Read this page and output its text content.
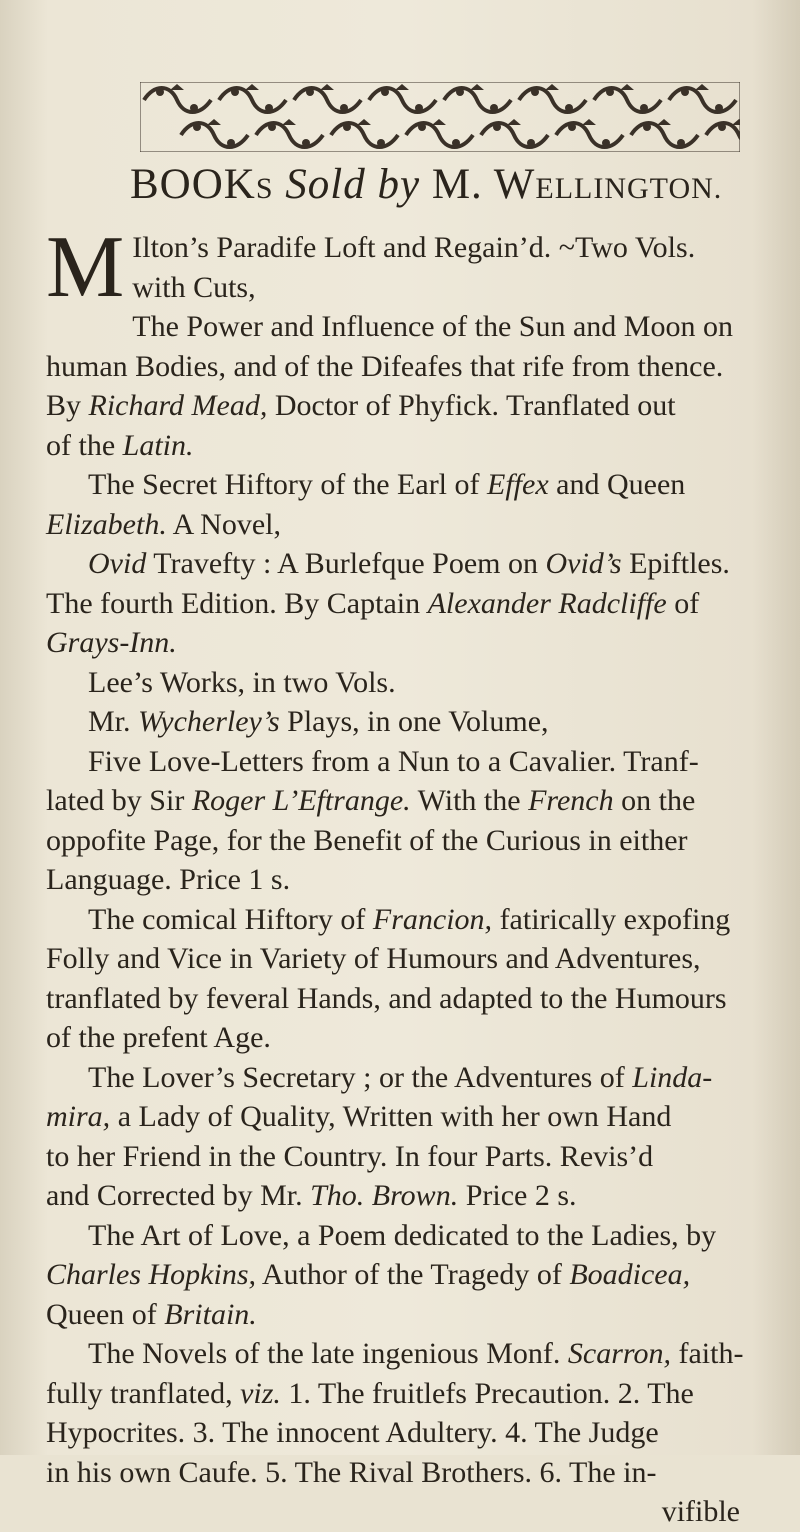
BOOKS Sold by M. WELLINGTON.
M Ilton’s Paradife Loft and Regain’d. ~Two Vols.
with Cuts,
The Power and Influence of the Sun and Moon on
human Bodies, and of the Difeafes that rife from thence.
By Richard Mead, Doctor of Phyfick. Tranflated out
of the Latin.
The Secret Hiftory of the Earl of Effex and Queen
Elizabeth. A Novel,
Ovid Travefty : A Burlefque Poem on Ovid’s Epiftles.
The fourth Edition. By Captain Alexander Radcliffe of
Grays-Inn.
Lee’s Works, in two Vols.
Mr. Wycherley’s Plays, in one Volume,
Five Love-Letters from a Nun to a Cavalier. Tranf-
lated by Sir Roger L’Eftrange. With the French on the
oppofite Page, for the Benefit of the Curious in either
Language. Price 1 s.
The comical Hiftory of Francion, fatirically expofing
Folly and Vice in Variety of Humours and Adventures,
tranflated by feveral Hands, and adapted to the Humours
of the prefent Age.
The Lover’s Secretary ; or the Adventures of Linda-
mira, a Lady of Quality, Written with her own Hand
to her Friend in the Country. In four Parts. Revis’d
and Corrected by Mr. Tho. Brown. Price 2 s.
The Art of Love, a Poem dedicated to the Ladies, by
Charles Hopkins, Author of the Tragedy of Boadicea,
Queen of Britain.
The Novels of the late ingenious Monf. Scarron, faith-
fully tranflated, viz. 1. The fruitlefs Precaution. 2. The
Hypocrites. 3. The innocent Adultery. 4. The Judge
in his own Caufe. 5. The Rival Brothers. 6. The in-
vifible
